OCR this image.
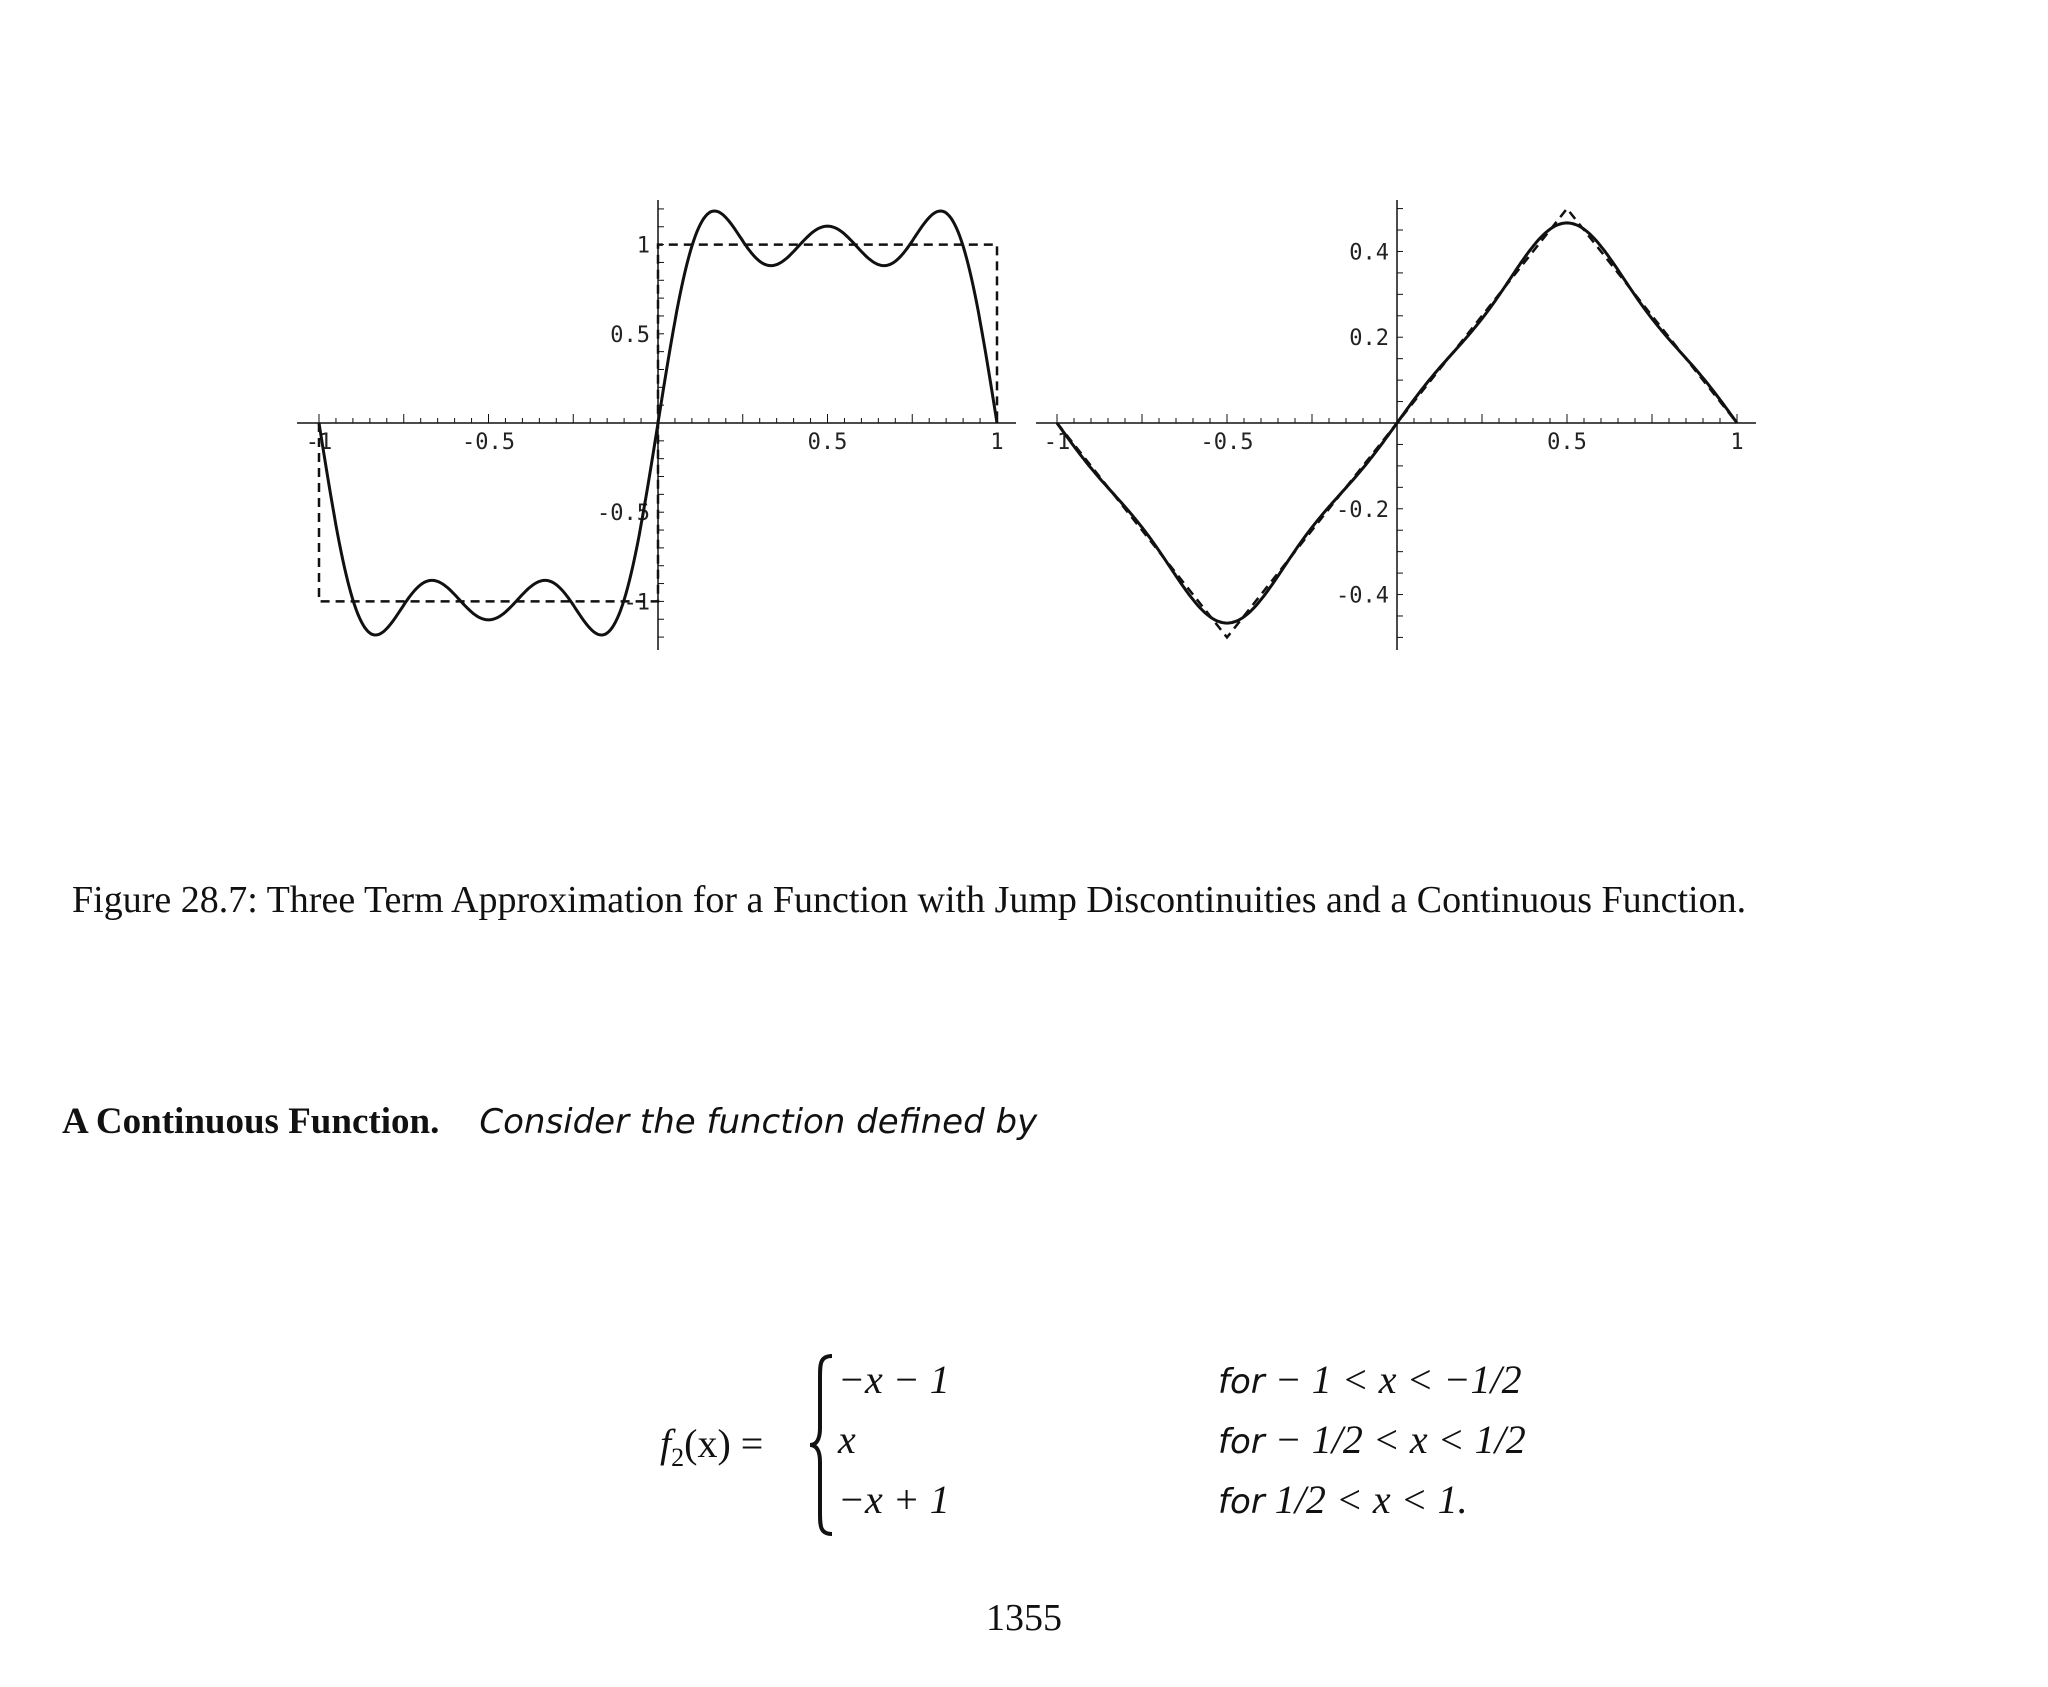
-1	-0.5	0.5	1
1
0.5
-0.5
-1
-1	-0.5	0.5	1
0.4
0.2
-0.2
-0.4
Figure 28.7: Three Term Approximation for a Function with Jump Discontinuities and a Continuous Function.
A Continuous Function. Consider the function defined by
$f_2(x)$ =
−x − 1	for − 1 < x < −1/2
x	for − 1/2 < x < 1/2
−x + 1	for 1/2 < x < 1.
1355
